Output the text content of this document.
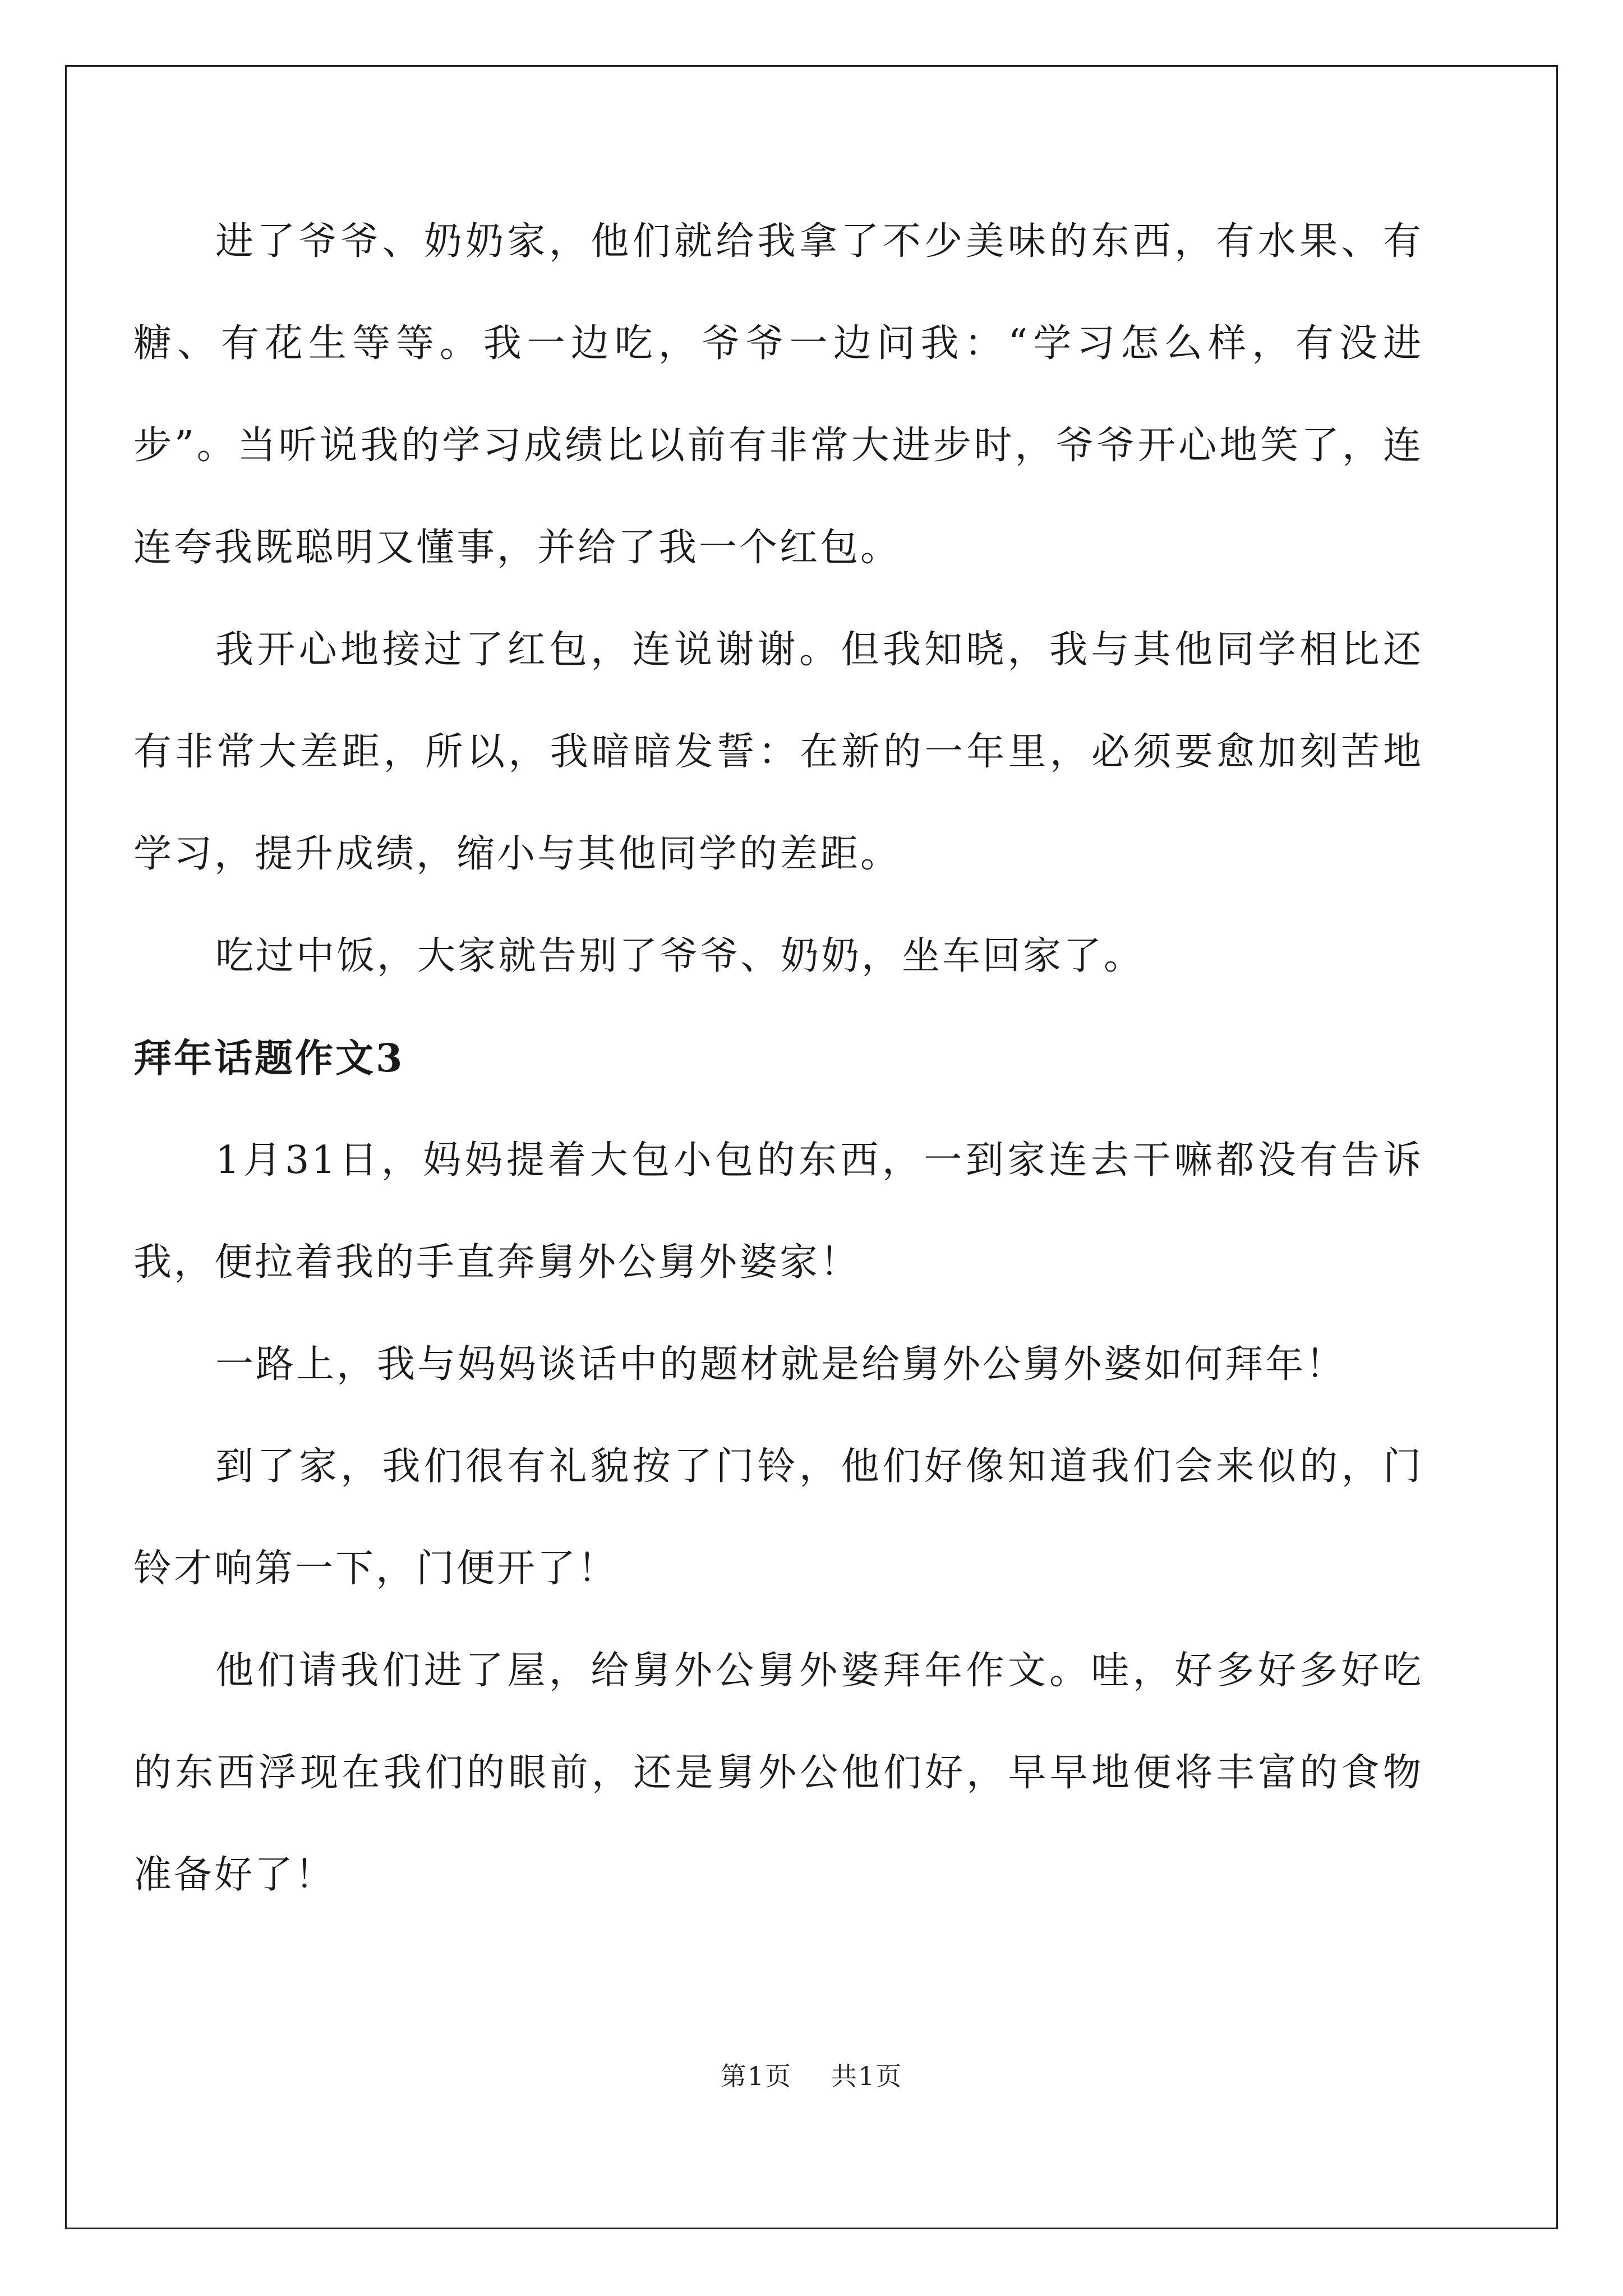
进了爷爷、奶奶家，他们就给我拿了不少美味的东西，有水果、有糖、有花生等等。我一边吃，爷爷一边问我：“学习怎么样，有没进步”。当听说我的学习成绩比以前有非常大进步时，爷爷开心地笑了，连连夸我既聪明又懂事，并给了我一个红包。

我开心地接过了红包，连说谢谢。但我知晓，我与其他同学相比还有非常大差距，所以，我暗暗发誓：在新的一年里，必须要愈加刻苦地学习，提升成绩，缩小与其他同学的差距。

吃过中饭，大家就告别了爷爷、奶奶，坐车回家了。

拜年话题作文3

1月31日，妈妈提着大包小包的东西，一到家连去干嘛都没有告诉我，便拉着我的手直奔舅外公舅外婆家！

一路上，我与妈妈谈话中的题材就是给舅外公舅外婆如何拜年！

到了家，我们很有礼貌按了门铃，他们好像知道我们会来似的，门铃才响第一下，门便开了！

他们请我们进了屋，给舅外公舅外婆拜年作文。哇，好多好多好吃的东西浮现在我们的眼前，还是舅外公他们好，早早地便将丰富的食物准备好了！

第1页 共1页
